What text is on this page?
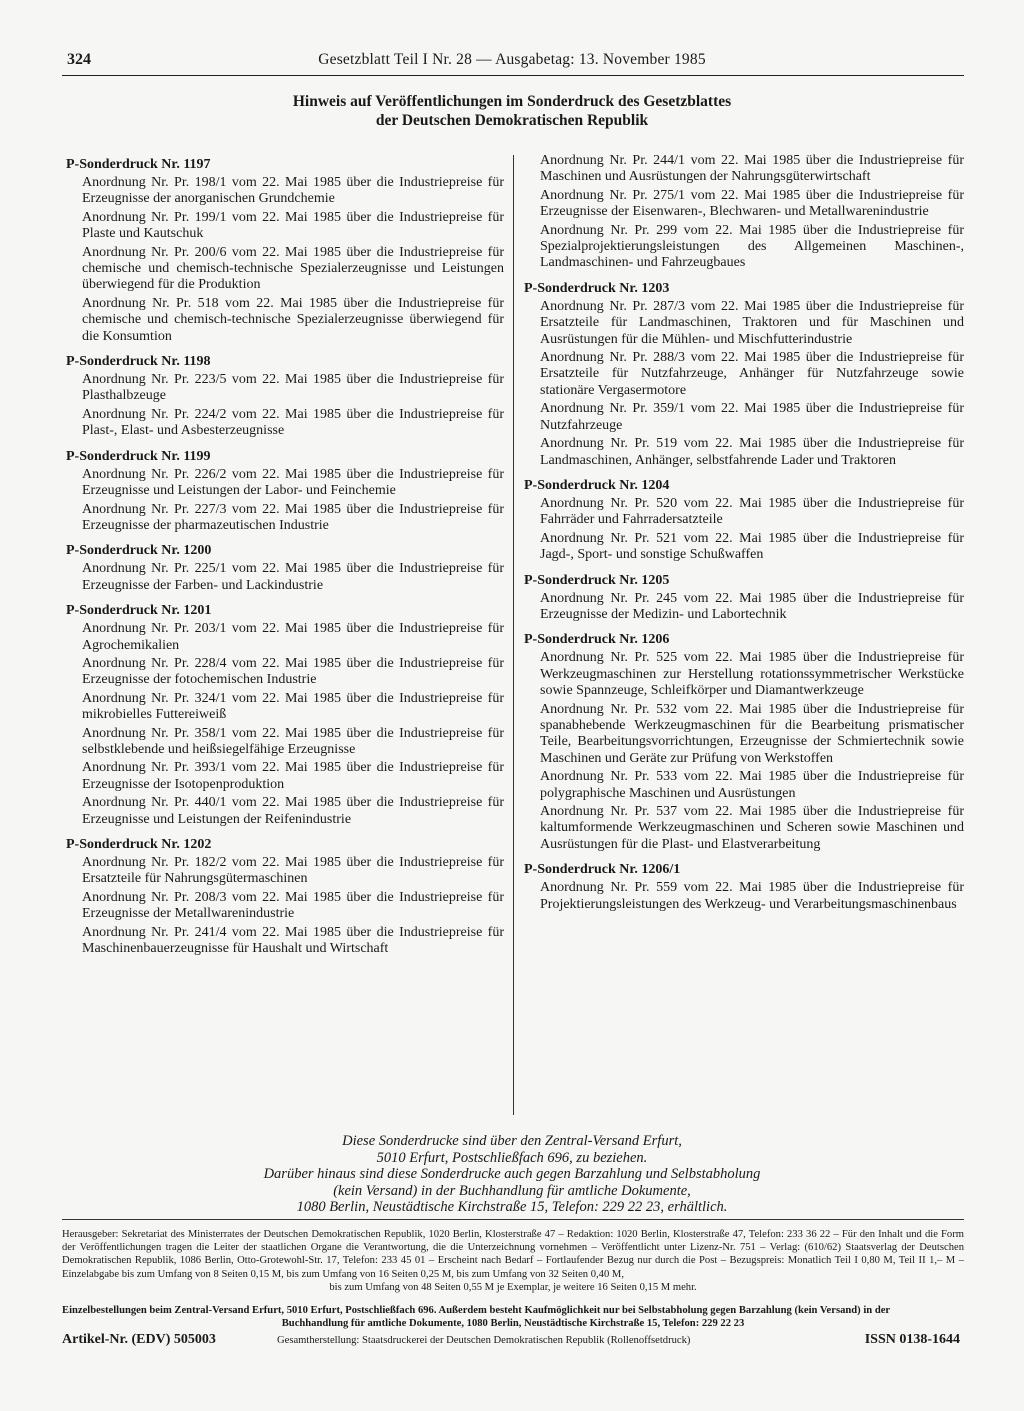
324	Gesetzblatt Teil I Nr. 28 — Ausgabetag: 13. November 1985
Hinweis auf Veröffentlichungen im Sonderdruck des Gesetzblattes
der Deutschen Demokratischen Republik
P-Sonderdruck Nr. 1197
Anordnung Nr. Pr. 198/1 vom 22. Mai 1985 über die Industriepreise für Erzeugnisse der anorganischen Grundchemie
Anordnung Nr. Pr. 199/1 vom 22. Mai 1985 über die Industriepreise für Plaste und Kautschuk
Anordnung Nr. Pr. 200/6 vom 22. Mai 1985 über die Industriepreise für chemische und chemisch-technische Spezialerzeugnisse und Leistungen überwiegend für die Produktion
Anordnung Nr. Pr. 518 vom 22. Mai 1985 über die Industriepreise für chemische und chemisch-technische Spezialerzeugnisse überwiegend für die Konsumtion
P-Sonderdruck Nr. 1198
Anordnung Nr. Pr. 223/5 vom 22. Mai 1985 über die Industriepreise für Plasthalbzeuge
Anordnung Nr. Pr. 224/2 vom 22. Mai 1985 über die Industriepreise für Plast-, Elast- und Asbesterzeugnisse
P-Sonderdruck Nr. 1199
Anordnung Nr. Pr. 226/2 vom 22. Mai 1985 über die Industriepreise für Erzeugnisse und Leistungen der Labor- und Feinchemie
Anordnung Nr. Pr. 227/3 vom 22. Mai 1985 über die Industriepreise für Erzeugnisse der pharmazeutischen Industrie
P-Sonderdruck Nr. 1200
Anordnung Nr. Pr. 225/1 vom 22. Mai 1985 über die Industriepreise für Erzeugnisse der Farben- und Lackindustrie
P-Sonderdruck Nr. 1201
Anordnung Nr. Pr. 203/1 vom 22. Mai 1985 über die Industriepreise für Agrochemikalien
Anordnung Nr. Pr. 228/4 vom 22. Mai 1985 über die Industriepreise für Erzeugnisse der fotochemischen Industrie
Anordnung Nr. Pr. 324/1 vom 22. Mai 1985 über die Industriepreise für mikrobielles Futtereiweiß
Anordnung Nr. Pr. 358/1 vom 22. Mai 1985 über die Industriepreise für selbstklebende und heißsiegelfähige Erzeugnisse
Anordnung Nr. Pr. 393/1 vom 22. Mai 1985 über die Industriepreise für Erzeugnisse der Isotopenproduktion
Anordnung Nr. Pr. 440/1 vom 22. Mai 1985 über die Industriepreise für Erzeugnisse und Leistungen der Reifenindustrie
P-Sonderdruck Nr. 1202
Anordnung Nr. Pr. 182/2 vom 22. Mai 1985 über die Industriepreise für Ersatzteile für Nahrungsgütermaschinen
Anordnung Nr. Pr. 208/3 vom 22. Mai 1985 über die Industriepreise für Erzeugnisse der Metallwarenindustrie
Anordnung Nr. Pr. 241/4 vom 22. Mai 1985 über die Industriepreise für Maschinenbauerzeugnisse für Haushalt und Wirtschaft
Anordnung Nr. Pr. 244/1 vom 22. Mai 1985 über die Industriepreise für Maschinen und Ausrüstungen der Nahrungsgüterwirtschaft
Anordnung Nr. Pr. 275/1 vom 22. Mai 1985 über die Industriepreise für Erzeugnisse der Eisenwaren-, Blechwaren- und Metallwarenindustrie
Anordnung Nr. Pr. 299 vom 22. Mai 1985 über die Industriepreise für Spezialprojektierungsleistungen des Allgemeinen Maschinen-, Landmaschinen- und Fahrzeugbaues
P-Sonderdruck Nr. 1203
Anordnung Nr. Pr. 287/3 vom 22. Mai 1985 über die Industriepreise für Ersatzteile für Landmaschinen, Traktoren und für Maschinen und Ausrüstungen für die Mühlen- und Mischfutterindustrie
Anordnung Nr. Pr. 288/3 vom 22. Mai 1985 über die Industriepreise für Ersatzteile für Nutzfahrzeuge, Anhänger für Nutzfahrzeuge sowie stationäre Vergasermotore
Anordnung Nr. Pr. 359/1 vom 22. Mai 1985 über die Industriepreise für Nutzfahrzeuge
Anordnung Nr. Pr. 519 vom 22. Mai 1985 über die Industriepreise für Landmaschinen, Anhänger, selbstfahrende Lader und Traktoren
P-Sonderdruck Nr. 1204
Anordnung Nr. Pr. 520 vom 22. Mai 1985 über die Industriepreise für Fahrräder und Fahrradersatzteile
Anordnung Nr. Pr. 521 vom 22. Mai 1985 über die Industriepreise für Jagd-, Sport- und sonstige Schußwaffen
P-Sonderdruck Nr. 1205
Anordnung Nr. Pr. 245 vom 22. Mai 1985 über die Industriepreise für Erzeugnisse der Medizin- und Labortechnik
P-Sonderdruck Nr. 1206
Anordnung Nr. Pr. 525 vom 22. Mai 1985 über die Industriepreise für Werkzeugmaschinen zur Herstellung rotationssymmetrischer Werkstücke sowie Spannzeuge, Schleifkörper und Diamantwerkzeuge
Anordnung Nr. Pr. 532 vom 22. Mai 1985 über die Industriepreise für spanabhebende Werkzeugmaschinen für die Bearbeitung prismatischer Teile, Bearbeitungsvorrichtungen, Erzeugnisse der Schmiertechnik sowie Maschinen und Geräte zur Prüfung von Werkstoffen
Anordnung Nr. Pr. 533 vom 22. Mai 1985 über die Industriepreise für polygraphische Maschinen und Ausrüstungen
Anordnung Nr. Pr. 537 vom 22. Mai 1985 über die Industriepreise für kaltumformende Werkzeugmaschinen und Scheren sowie Maschinen und Ausrüstungen für die Plast- und Elastverarbeitung
P-Sonderdruck Nr. 1206/1
Anordnung Nr. Pr. 559 vom 22. Mai 1985 über die Industriepreise für Projektierungsleistungen des Werkzeug- und Verarbeitungsmaschinenbaus
Diese Sonderdrucke sind über den Zentral-Versand Erfurt,
5010 Erfurt, Postschließfach 696, zu beziehen.
Darüber hinaus sind diese Sonderdrucke auch gegen Barzahlung und Selbstabholung
(kein Versand) in der Buchhandlung für amtliche Dokumente,
1080 Berlin, Neustädtische Kirchstraße 15, Telefon: 229 22 23, erhältlich.
Herausgeber: Sekretariat des Ministerrates der Deutschen Demokratischen Republik, 1020 Berlin, Klosterstraße 47 – Redaktion: 1020 Berlin, Klosterstraße 47, Telefon: 233 36 22 – Für den Inhalt und die Form der Veröffentlichungen tragen die Leiter der staatlichen Organe die Verantwortung, die die Unterzeichnung vornehmen – Veröffentlicht unter Lizenz-Nr. 751 – Verlag: (610/62) Staatsverlag der Deutschen Demokratischen Republik, 1086 Berlin, Otto-Grotewohl-Str. 17, Telefon: 233 45 01 – Erscheint nach Bedarf – Fortlaufender Bezug nur durch die Post – Bezugspreis: Monatlich Teil I 0,80 M, Teil II 1,– M – Einzelabgabe bis zum Umfang von 8 Seiten 0,15 M, bis zum Umfang von 16 Seiten 0,25 M, bis zum Umfang von 32 Seiten 0,40 M,
bis zum Umfang von 48 Seiten 0,55 M je Exemplar, je weitere 16 Seiten 0,15 M mehr.
Einzelbestellungen beim Zentral-Versand Erfurt, 5010 Erfurt, Postschließfach 696. Außerdem besteht Kaufmöglichkeit nur bei Selbstabholung gegen Barzahlung (kein Versand) in der
Buchhandlung für amtliche Dokumente, 1080 Berlin, Neustädtische Kirchstraße 15, Telefon: 229 22 23
Artikel-Nr. (EDV) 505003	Gesamtherstellung: Staatsdruckerei der Deutschen Demokratischen Republik (Rollenoffsetdruck)	ISSN 0138-1644
